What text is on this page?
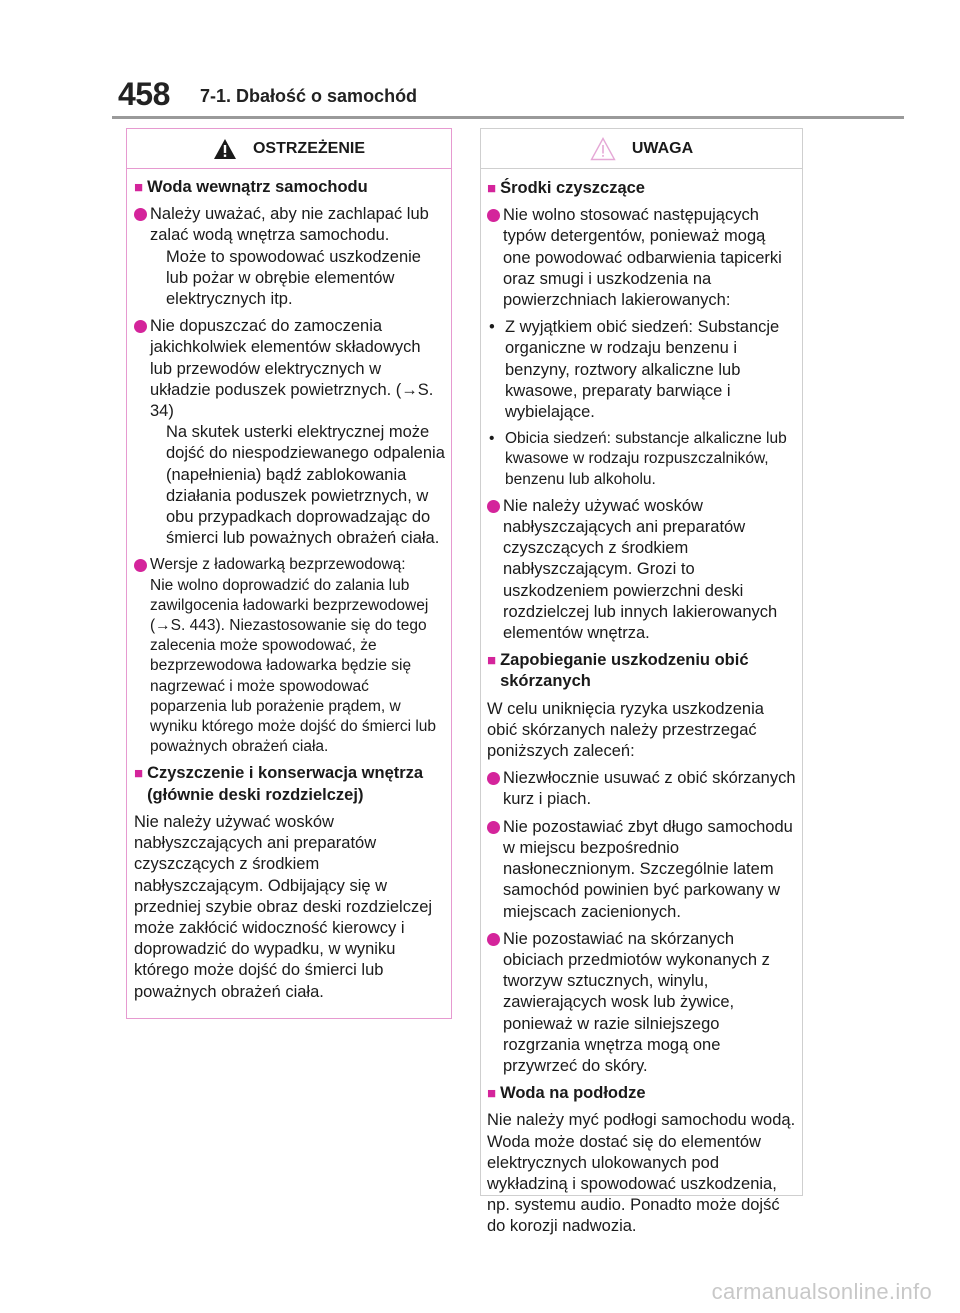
458 7-1. Dbałość o samochód
OSTRZEŻENIE
■ Woda wewnątrz samochodu
Należy uważać, aby nie zachlapać lub zalać wodą wnętrza samochodu.
Może to spowodować uszkodzenie lub pożar w obrębie elementów elektrycznych itp.
Nie dopuszczać do zamoczenia jakichkolwiek elementów składowych lub przewodów elektrycznych w układzie poduszek powietrznych. (→S. 34)
Na skutek usterki elektrycznej może dojść do niespodziewanego odpalenia (napełnienia) bądź zablokowania działania poduszek powietrznych, w obu przypadkach doprowadzając do śmierci lub poważnych obrażeń ciała.
Wersje z ładowarką bezprzewodową:
Nie wolno doprowadzić do zalania lub zawilgocenia ładowarki bezprzewodowej (→S. 443). Niezastosowanie się do tego zalecenia może spowodować, że bezprzewodowa ładowarka będzie się nagrzewać i może spowodować poparzenia lub porażenie prądem, w wyniku którego może dojść do śmierci lub poważnych obrażeń ciała.
■ Czyszczenie i konserwacja wnętrza (głównie deski rozdzielczej)
Nie należy używać wosków nabłyszczających ani preparatów czyszczących z środkiem nabłyszczającym. Odbijający się w przedniej szybie obraz deski rozdzielczej może zakłócić widoczność kierowcy i doprowadzić do wypadku, w wyniku którego może dojść do śmierci lub poważnych obrażeń ciała.
UWAGA
■ Środki czyszczące
Nie wolno stosować następujących typów detergentów, ponieważ mogą one powodować odbarwienia tapicerki oraz smugi i uszkodzenia na powierzchniach lakierowanych:
• Z wyjątkiem obić siedzeń: Substancje organiczne w rodzaju benzenu i benzyny, roztwory alkaliczne lub kwasowe, preparaty barwiące i wybielające.
• Obicia siedzeń: substancje alkaliczne lub kwasowe w rodzaju rozpuszczalników, benzenu lub alkoholu.
Nie należy używać wosków nabłyszczających ani preparatów czyszczących z środkiem nabłyszczającym. Grozi to uszkodzeniem powierzchni deski rozdzielczej lub innych lakierowanych elementów wnętrza.
■ Zapobieganie uszkodzeniu obić skórzanych
W celu uniknięcia ryzyka uszkodzenia obić skórzanych należy przestrzegać poniższych zaleceń:
Niezwłocznie usuwać z obić skórzanych kurz i piach.
Nie pozostawiać zbyt długo samochodu w miejscu bezpośrednio nasłonecznionym. Szczególnie latem samochód powinien być parkowany w miejscach zacienionych.
Nie pozostawiać na skórzanych obiciach przedmiotów wykonanych z tworzyw sztucznych, winylu, zawierających wosk lub żywice, ponieważ w razie silniejszego rozgrzania wnętrza mogą one przywrzeć do skóry.
■ Woda na podłodze
Nie należy myć podłogi samochodu wodą. Woda może dostać się do elementów elektrycznych ulokowanych pod wykładziną i spowodować uszkodzenia, np. systemu audio. Ponadto może dojść do korozji nadwozia.
carmanualsonline.info
